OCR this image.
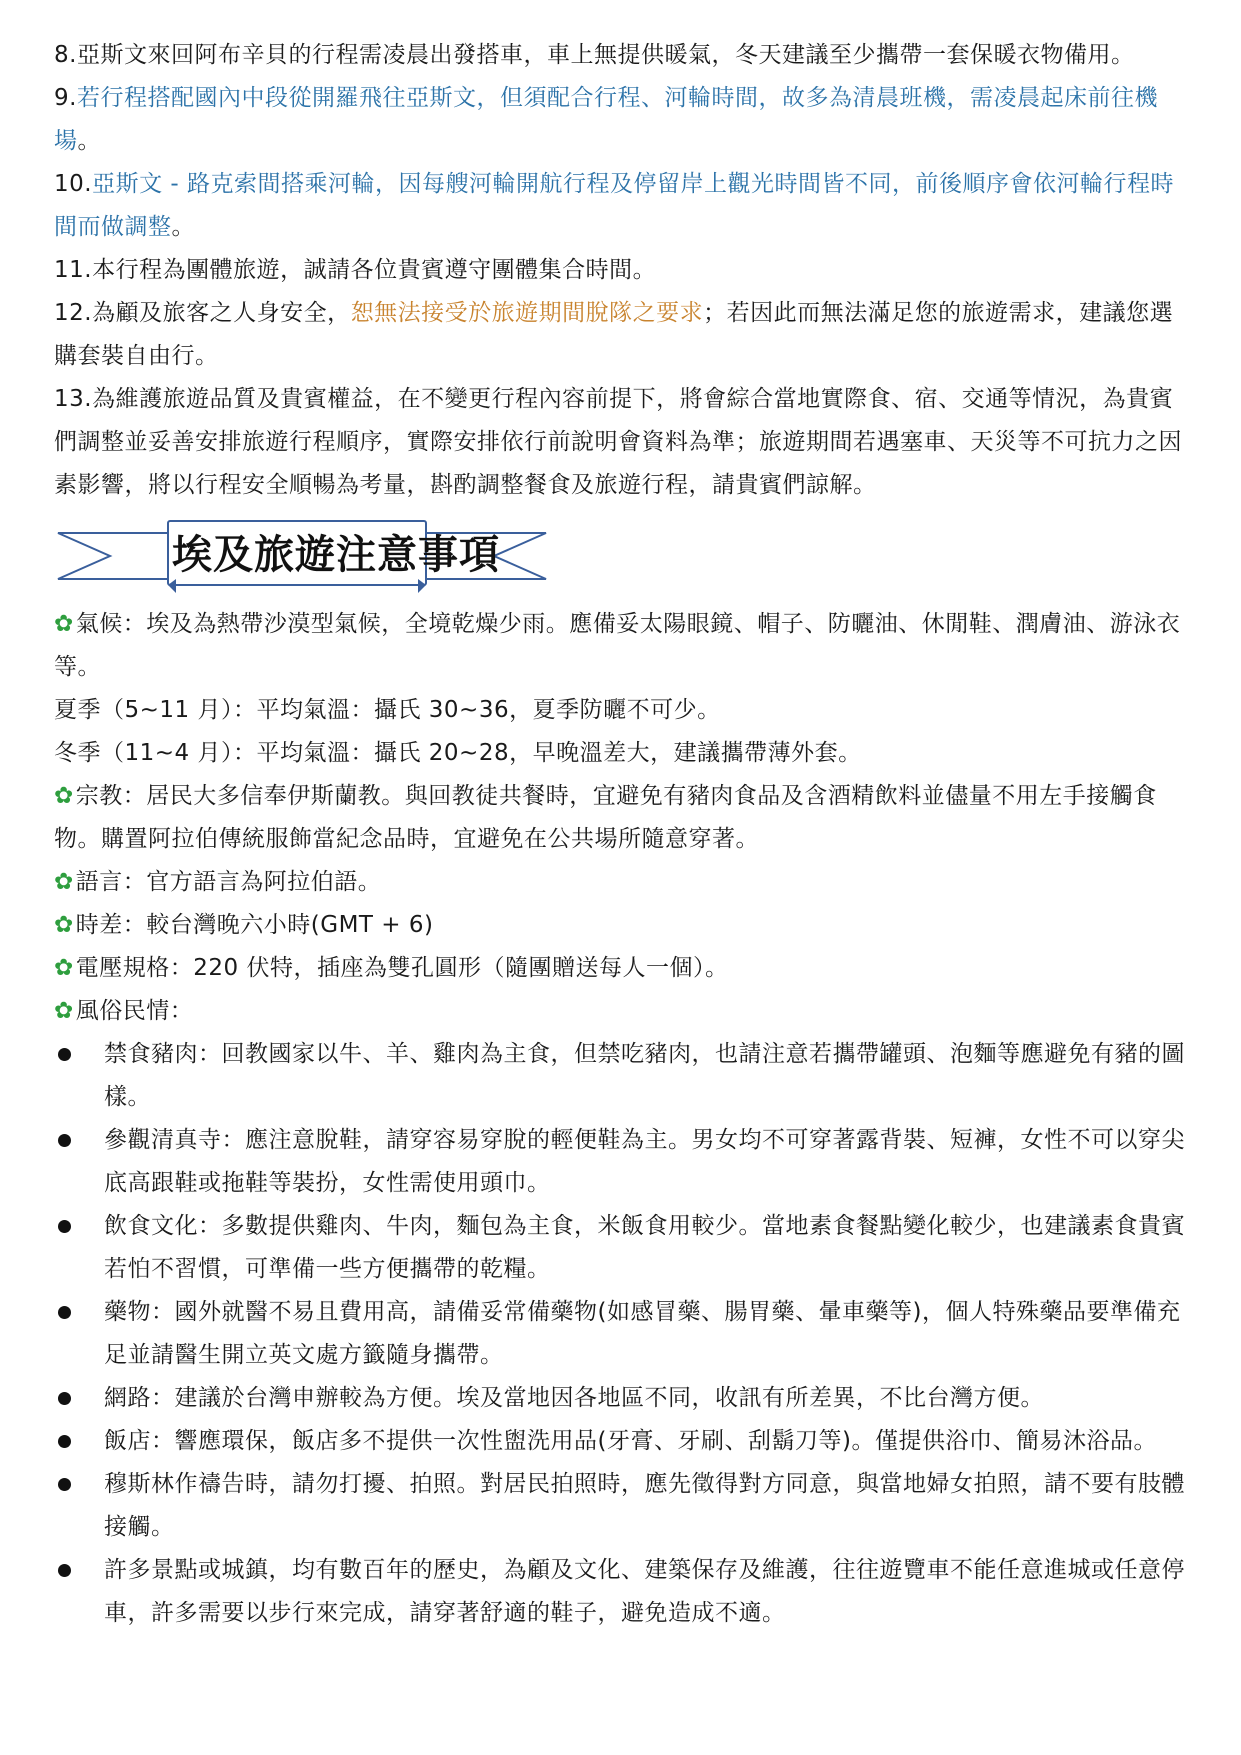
8.亞斯文來回阿布辛貝的行程需凌晨出發搭車，車上無提供暖氣，冬天建議至少攜帶一套保暖衣物備用。

9.若行程搭配國內中段從開羅飛往亞斯文，但須配合行程、河輪時間，故多為清晨班機，需凌晨起床前往機場。

10.亞斯文 - 路克索間搭乘河輪，因每艘河輪開航行程及停留岸上觀光時間皆不同，前後順序會依河輪行程時間而做調整。

11.本行程為團體旅遊，誠請各位貴賓遵守團體集合時間。

12.為顧及旅客之人身安全，恕無法接受於旅遊期間脫隊之要求；若因此而無法滿足您的旅遊需求，建議您選購套裝自由行。

13.為維護旅遊品質及貴賓權益，在不變更行程內容前提下，將會綜合當地實際食、宿、交通等情況，為貴賓們調整並妥善安排旅遊行程順序，實際安排依行前說明會資料為準；旅遊期間若遇塞車、天災等不可抗力之因素影響，將以行程安全順暢為考量，斟酌調整餐食及旅遊行程，請貴賓們諒解。

埃及旅遊注意事項

✿氣候：埃及為熱帶沙漠型氣候，全境乾燥少雨。應備妥太陽眼鏡、帽子、防曬油、休閒鞋、潤膚油、游泳衣等。

夏季（5~11 月）：平均氣溫：攝氏 30~36，夏季防曬不可少。

冬季（11~4 月）：平均氣溫：攝氏 20~28，早晚溫差大，建議攜帶薄外套。

✿宗教：居民大多信奉伊斯蘭教。與回教徒共餐時，宜避免有豬肉食品及含酒精飲料並儘量不用左手接觸食物。購置阿拉伯傳統服飾當紀念品時，宜避免在公共場所隨意穿著。

✿語言：官方語言為阿拉伯語。

✿時差：較台灣晚六小時(GMT + 6)

✿電壓規格：220 伏特，插座為雙孔圓形（隨團贈送每人一個）。

✿風俗民情：

禁食豬肉：回教國家以牛、羊、雞肉為主食，但禁吃豬肉，也請注意若攜帶罐頭、泡麵等應避免有豬的圖樣。
參觀清真寺：應注意脫鞋，請穿容易穿脫的輕便鞋為主。男女均不可穿著露背裝、短褲，女性不可以穿尖底高跟鞋或拖鞋等裝扮，女性需使用頭巾。
飲食文化：多數提供雞肉、牛肉，麵包為主食，米飯食用較少。當地素食餐點變化較少，也建議素食貴賓若怕不習慣，可準備一些方便攜帶的乾糧。
藥物：國外就醫不易且費用高，請備妥常備藥物(如感冒藥、腸胃藥、暈車藥等)，個人特殊藥品要準備充足並請醫生開立英文處方籤隨身攜帶。
網路：建議於台灣申辦較為方便。埃及當地因各地區不同，收訊有所差異，不比台灣方便。
飯店：響應環保，飯店多不提供一次性盥洗用品(牙膏、牙刷、刮鬍刀等)。僅提供浴巾、簡易沐浴品。
穆斯林作禱告時，請勿打擾、拍照。對居民拍照時，應先徵得對方同意，與當地婦女拍照，請不要有肢體接觸。
許多景點或城鎮，均有數百年的歷史，為顧及文化、建築保存及維護，往往遊覽車不能任意進城或任意停車，許多需要以步行來完成，請穿著舒適的鞋子，避免造成不適。
